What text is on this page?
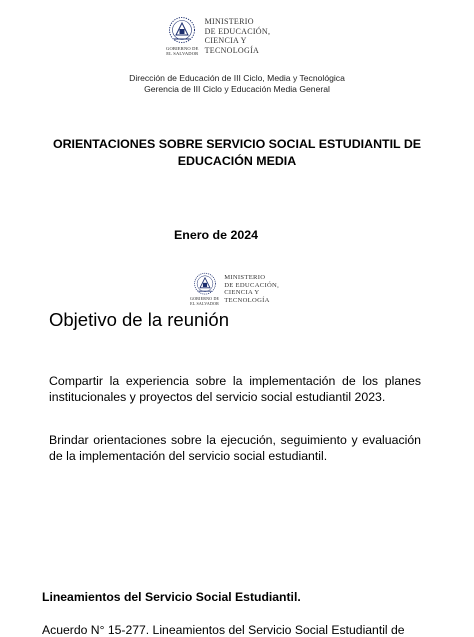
GOBIERNO DE
EL SALVADOR
MINISTERIO
DE EDUCACIÓN,
CIENCIA Y
TECNOLOGÍA
Dirección de Educación de III Ciclo, Media y Tecnológica
Gerencia de III Ciclo y Educación Media General
ORIENTACIONES SOBRE SERVICIO SOCIAL ESTUDIANTIL DE
EDUCACIÓN MEDIA
Enero de 2024
GOBIERNO DE
EL SALVADOR
MINISTERIO
DE EDUCACIÓN,
CIENCIA Y
TECNOLOGÍA
Objetivo de la reunión

Compartir la experiencia sobre la implementación de los planes institucionales y proyectos del servicio social estudiantil 2023.

Brindar orientaciones sobre la ejecución, seguimiento y evaluación de la implementación del servicio social estudiantil.

Lineamientos del Servicio Social Estudiantil.
Acuerdo N° 15-277. Lineamientos del Servicio Social Estudiantil de
